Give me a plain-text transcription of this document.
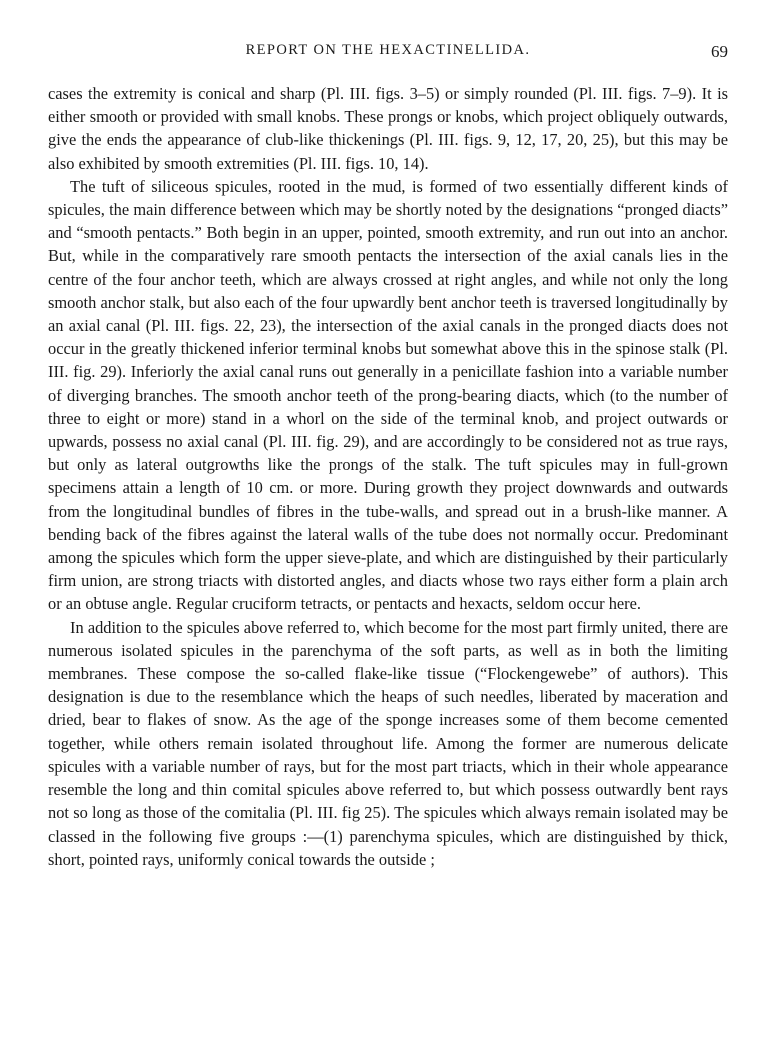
REPORT ON THE HEXACTINELLIDA.	69

cases the extremity is conical and sharp (Pl. III. figs. 3–5) or simply rounded (Pl. III. figs. 7–9). It is either smooth or provided with small knobs. These prongs or knobs, which project obliquely outwards, give the ends the appearance of club-like thickenings (Pl. III. figs. 9, 12, 17, 20, 25), but this may be also exhibited by smooth extremities (Pl. III. figs. 10, 14).

The tuft of siliceous spicules, rooted in the mud, is formed of two essentially different kinds of spicules, the main difference between which may be shortly noted by the designations “pronged diacts” and “smooth pentacts.” Both begin in an upper, pointed, smooth extremity, and run out into an anchor. But, while in the comparatively rare smooth pentacts the intersection of the axial canals lies in the centre of the four anchor teeth, which are always crossed at right angles, and while not only the long smooth anchor stalk, but also each of the four upwardly bent anchor teeth is traversed longitudinally by an axial canal (Pl. III. figs. 22, 23), the intersection of the axial canals in the pronged diacts does not occur in the greatly thickened inferior terminal knobs but somewhat above this in the spinose stalk (Pl. III. fig. 29). Inferiorly the axial canal runs out generally in a penicillate fashion into a variable number of diverging branches. The smooth anchor teeth of the prong-bearing diacts, which (to the number of three to eight or more) stand in a whorl on the side of the terminal knob, and project outwards or upwards, possess no axial canal (Pl. III. fig. 29), and are accordingly to be considered not as true rays, but only as lateral outgrowths like the prongs of the stalk. The tuft spicules may in full-grown specimens attain a length of 10 cm. or more. During growth they project downwards and outwards from the longitudinal bundles of fibres in the tube-walls, and spread out in a brush-like manner. A bending back of the fibres against the lateral walls of the tube does not normally occur. Predominant among the spicules which form the upper sieve-plate, and which are distinguished by their particularly firm union, are strong triacts with distorted angles, and diacts whose two rays either form a plain arch or an obtuse angle. Regular cruciform tetracts, or pentacts and hexacts, seldom occur here.

In addition to the spicules above referred to, which become for the most part firmly united, there are numerous isolated spicules in the parenchyma of the soft parts, as well as in both the limiting membranes. These compose the so-called flake-like tissue (“Flockengewebe” of authors). This designation is due to the resemblance which the heaps of such needles, liberated by maceration and dried, bear to flakes of snow. As the age of the sponge increases some of them become cemented together, while others remain isolated throughout life. Among the former are numerous delicate spicules with a variable number of rays, but for the most part triacts, which in their whole appearance resemble the long and thin comital spicules above referred to, but which possess outwardly bent rays not so long as those of the comitalia (Pl. III. fig 25). The spicules which always remain isolated may be classed in the following five groups :—(1) parenchyma spicules, which are distinguished by thick, short, pointed rays, uniformly conical towards the outside ;
